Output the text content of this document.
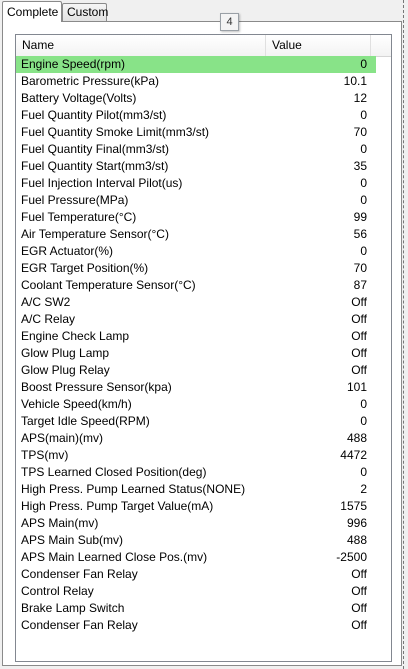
Complete Custom
4
Name	Value
Engine Speed(rpm)	0
Barometric Pressure(kPa)	10.1
Battery Voltage(Volts)	12
Fuel Quantity Pilot(mm3/st)	0
Fuel Quantity Smoke Limit(mm3/st)	70
Fuel Quantity Final(mm3/st)	0
Fuel Quantity Start(mm3/st)	35
Fuel Injection Interval Pilot(us)	0
Fuel Pressure(MPa)	0
Fuel Temperature(°C)	99
Air Temperature Sensor(°C)	56
EGR Actuator(%)	0
EGR Target Position(%)	70
Coolant Temperature Sensor(°C)	87
A/C SW2	Off
A/C Relay	Off
Engine Check Lamp	Off
Glow Plug Lamp	Off
Glow Plug Relay	Off
Boost Pressure Sensor(kpa)	101
Vehicle Speed(km/h)	0
Target Idle Speed(RPM)	0
APS(main)(mv)	488
TPS(mv)	4472
TPS Learned Closed Position(deg)	0
High Press. Pump Learned Status(NONE)	2
High Press. Pump Target Value(mA)	1575
APS Main(mv)	996
APS Main Sub(mv)	488
APS Main Learned Close Pos.(mv)	-2500
Condenser Fan Relay	Off
Control Relay	Off
Brake Lamp Switch	Off
Condenser Fan Relay	Off
